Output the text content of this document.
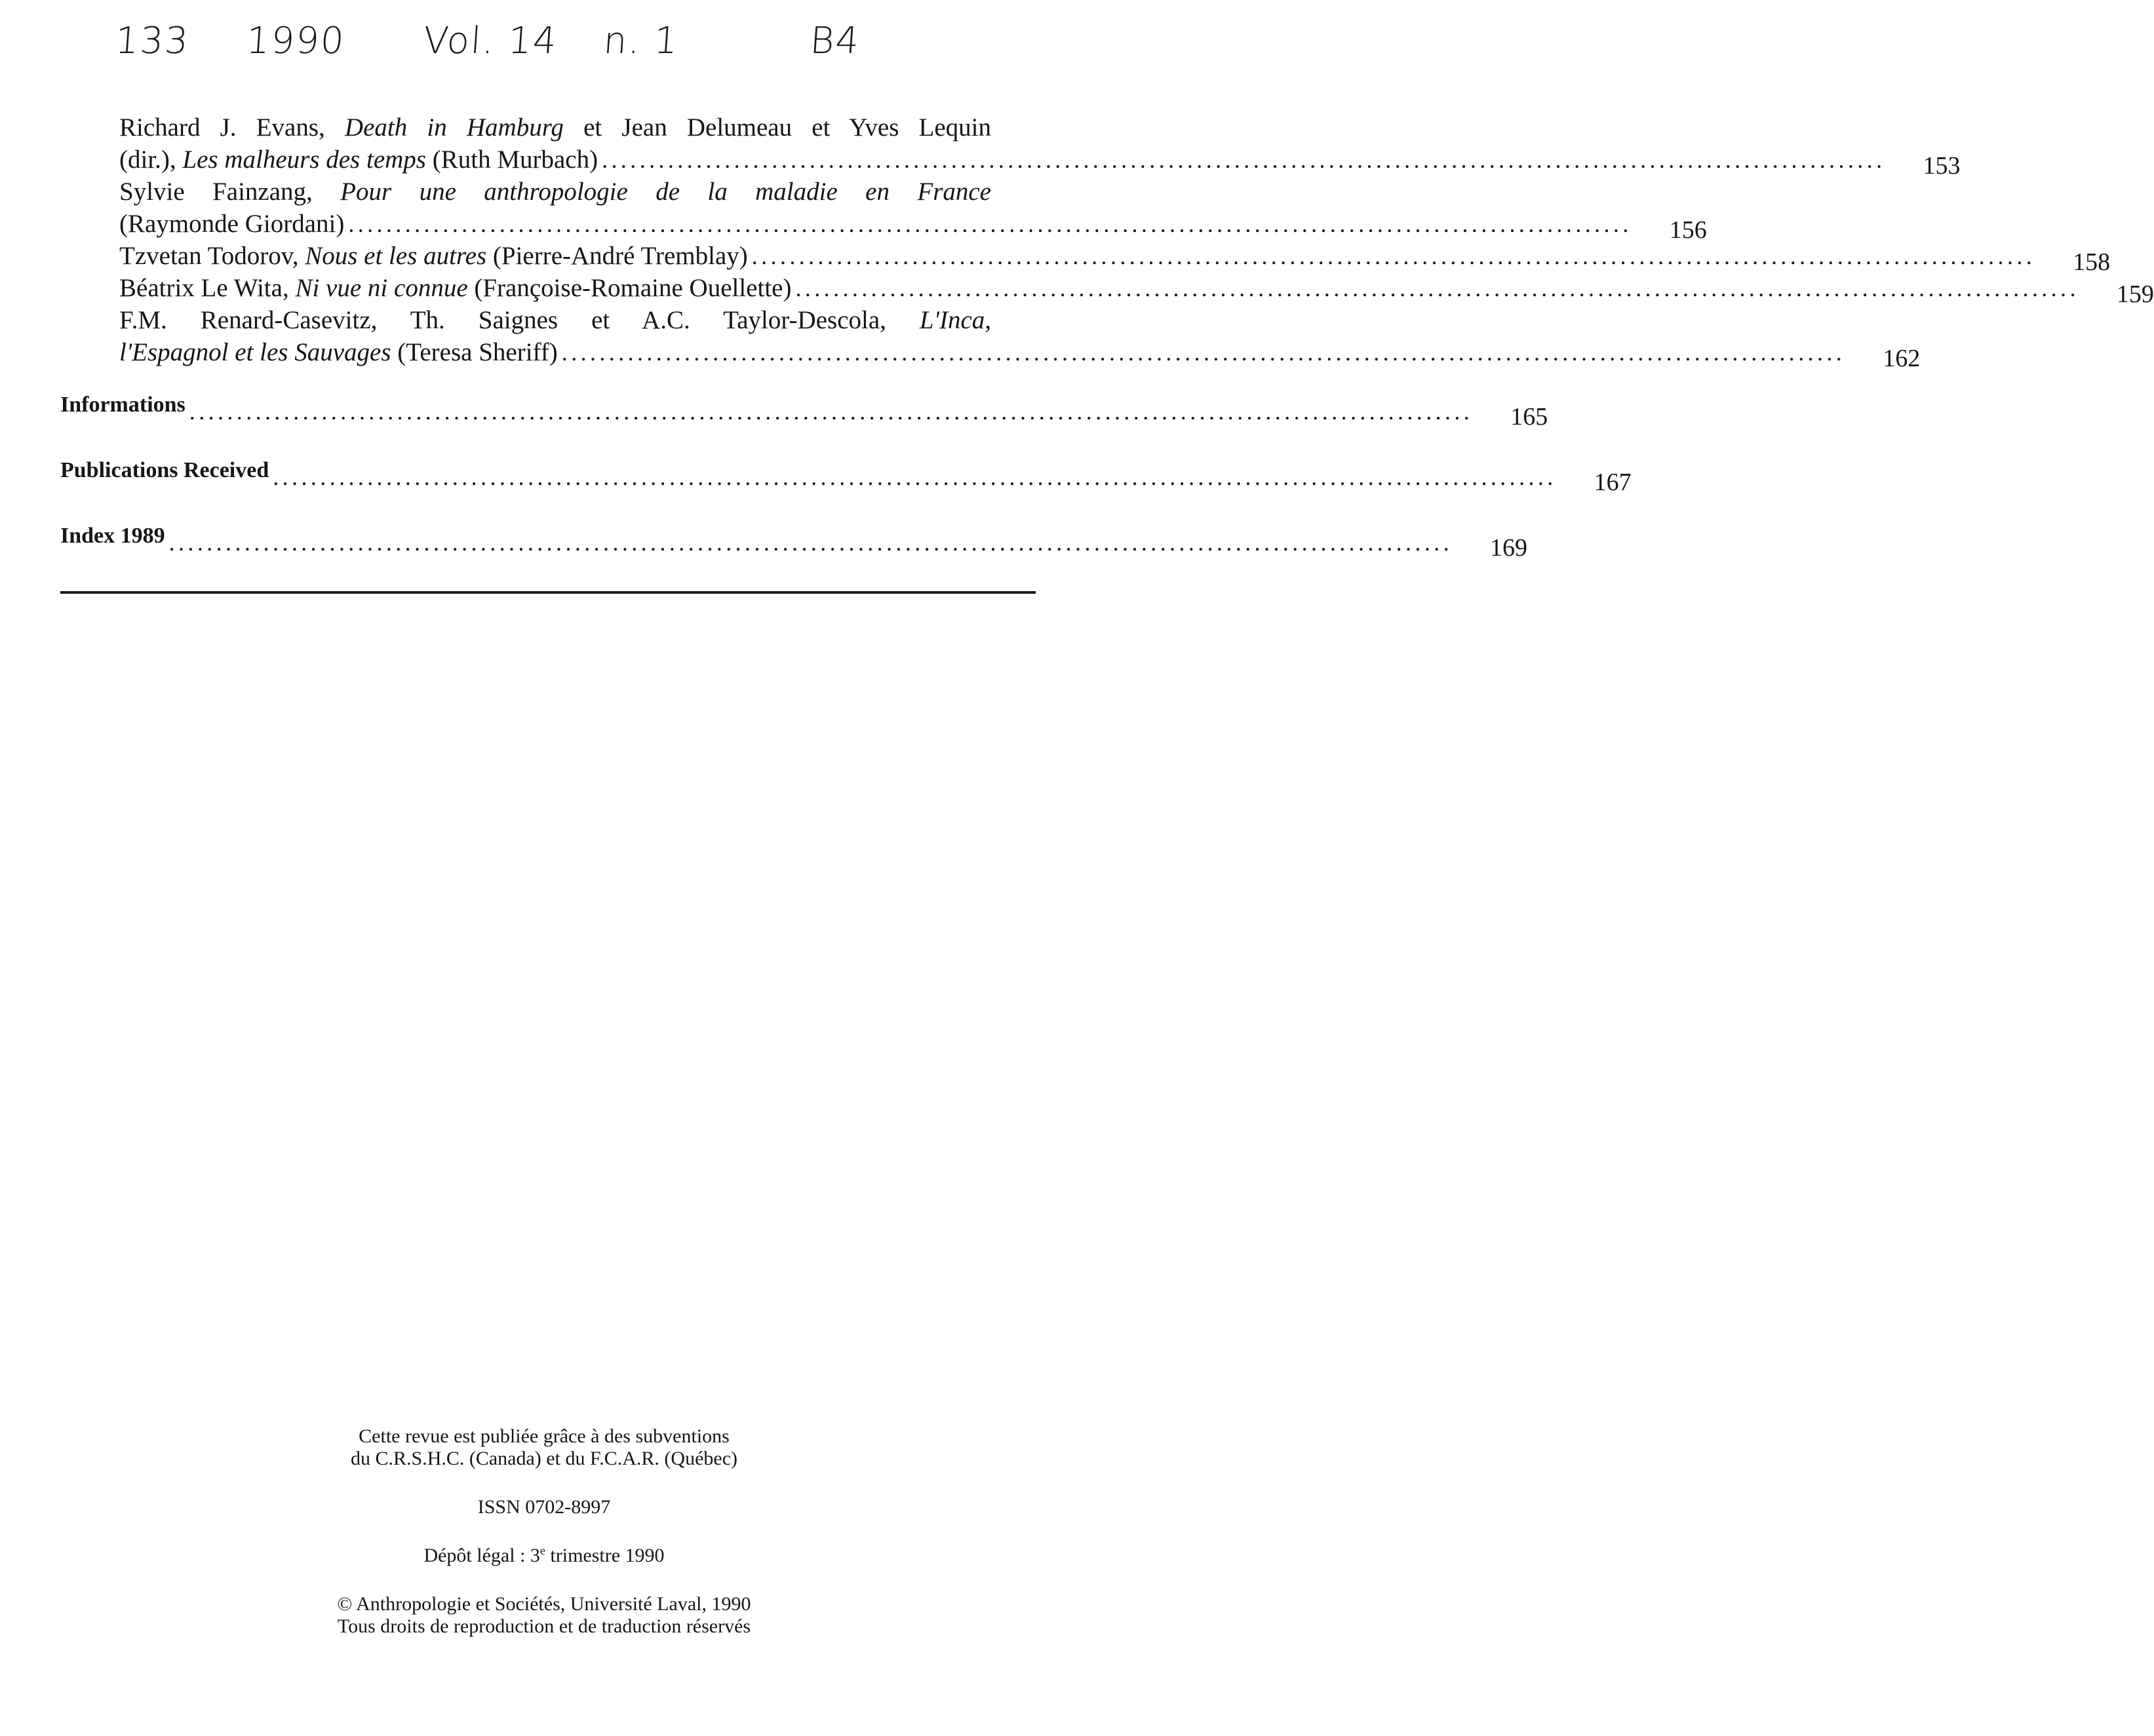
133

1990

Vol. 14

n. 1

	B4

Richard J. Evans, Death in Hamburg et Jean Delumeau et Yves Lequin
(dir.), Les malheurs des temps (Ruth Murbach) ........................................................................................................................................	153
Sylvie Fainzang, Pour une anthropologie de la maladie en France
(Raymonde Giordani) ........................................................................................................................................	156
Tzvetan Todorov, Nous et les autres (Pierre-André Tremblay) ........................................................................................................................................	158
Béatrix Le Wita, Ni vue ni connue (Françoise-Romaine Ouellette) ........................................................................................................................................	159
F.M. Renard-Casevitz, Th. Saignes et A.C. Taylor-Descola, L'Inca,
l'Espagnol et les Sauvages (Teresa Sheriff) ........................................................................................................................................	162
Informations ........................................................................................................................................	165
Publications Received ........................................................................................................................................	167
Index 1989 ........................................................................................................................................	169

Cette revue est publiée grâce à des subventions

du C.R.S.H.C. (Canada) et du F.C.A.R. (Québec)

ISSN 0702-8997

Dépôt légal : 3e trimestre 1990

© Anthropologie et Sociétés, Université Laval, 1990

Tous droits de reproduction et de traduction réservés
